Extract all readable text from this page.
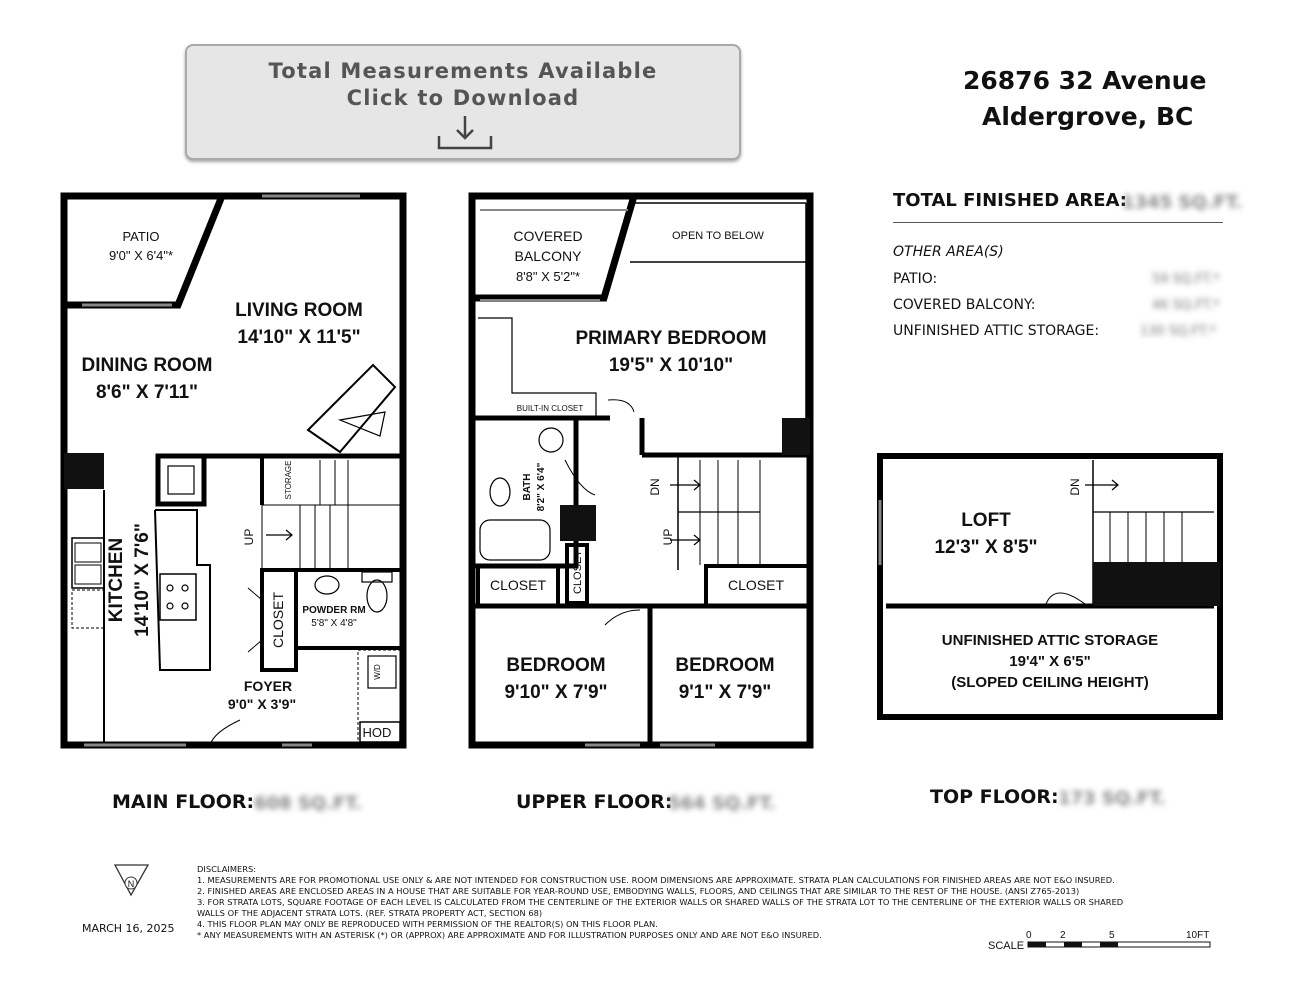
Total Measurements Available
Click to Download
26876 32 Avenue
Aldergrove, BC
TOTAL FINISHED AREA:
1345 SQ.FT.
OTHER AREA(S)
PATIO:	59 SQ.FT.*
COVERED BALCONY:	46 SQ.FT.*
UNFINISHED ATTIC STORAGE:	130 SQ.FT.*
PATIO
9'0" X 6'4"*
LIVING ROOM
14'10" X 11'5"
DINING ROOM
8'6" X 7'11"
KITCHEN 14'10" X 7'6"
STORAGE
UP
CLOSET POWDER RM
5'8" X 4'8"
W/D
HOD
FOYER
9'0" X 3'9"
COVERED
BALCONY
8'8" X 5'2"*
OPEN TO BELOW
PRIMARY BEDROOM
19'5" X 10'10"
BUILT-IN CLOSET
BATH 8'2" X 6'4"
CLOSET
CLOSET	CLOSET
DN
UP
BEDROOM
9'10" X 7'9"
BEDROOM
9'1" X 7'9"
LOFT
12'3" X 8'5"
DN
UNFINISHED ATTIC STORAGE
19'4" X 6'5"
(SLOPED CEILING HEIGHT)
N
SCALE
0	2	5	10FT
MAIN FLOOR: 608 SQ.FT.	UPPER FLOOR:
564 SQ.FT.	TOP FLOOR: 173 SQ.FT.
MARCH 16, 2025
DISCLAIMERS:
1. MEASUREMENTS ARE FOR PROMOTIONAL USE ONLY & ARE NOT INTENDED FOR CONSTRUCTION USE. ROOM DIMENSIONS ARE APPROXIMATE. STRATA PLAN CALCULATIONS FOR FINISHED AREAS ARE NOT E&O INSURED.
2. FINISHED AREAS ARE ENCLOSED AREAS IN A HOUSE THAT ARE SUITABLE FOR YEAR-ROUND USE, EMBODYING WALLS, FLOORS, AND CEILINGS THAT ARE SIMILAR TO THE REST OF THE HOUSE. (ANSI Z765-2013)
3. FOR STRATA LOTS, SQUARE FOOTAGE OF EACH LEVEL IS CALCULATED FROM THE CENTERLINE OF THE EXTERIOR WALLS OR SHARED WALLS OF THE STRATA LOT TO THE CENTERLINE OF THE EXTERIOR WALLS OR SHARED WALLS OF THE ADJACENT STRATA LOTS. (REF. STRATA PROPERTY ACT, SECTION 68)
4. THIS FLOOR PLAN MAY ONLY BE REPRODUCED WITH PERMISSION OF THE REALTOR(S) ON THIS FLOOR PLAN.
* ANY MEASUREMENTS WITH AN ASTERISK (*) OR (APPROX) ARE APPROXIMATE AND FOR ILLUSTRATION PURPOSES ONLY AND ARE NOT E&O INSURED.
